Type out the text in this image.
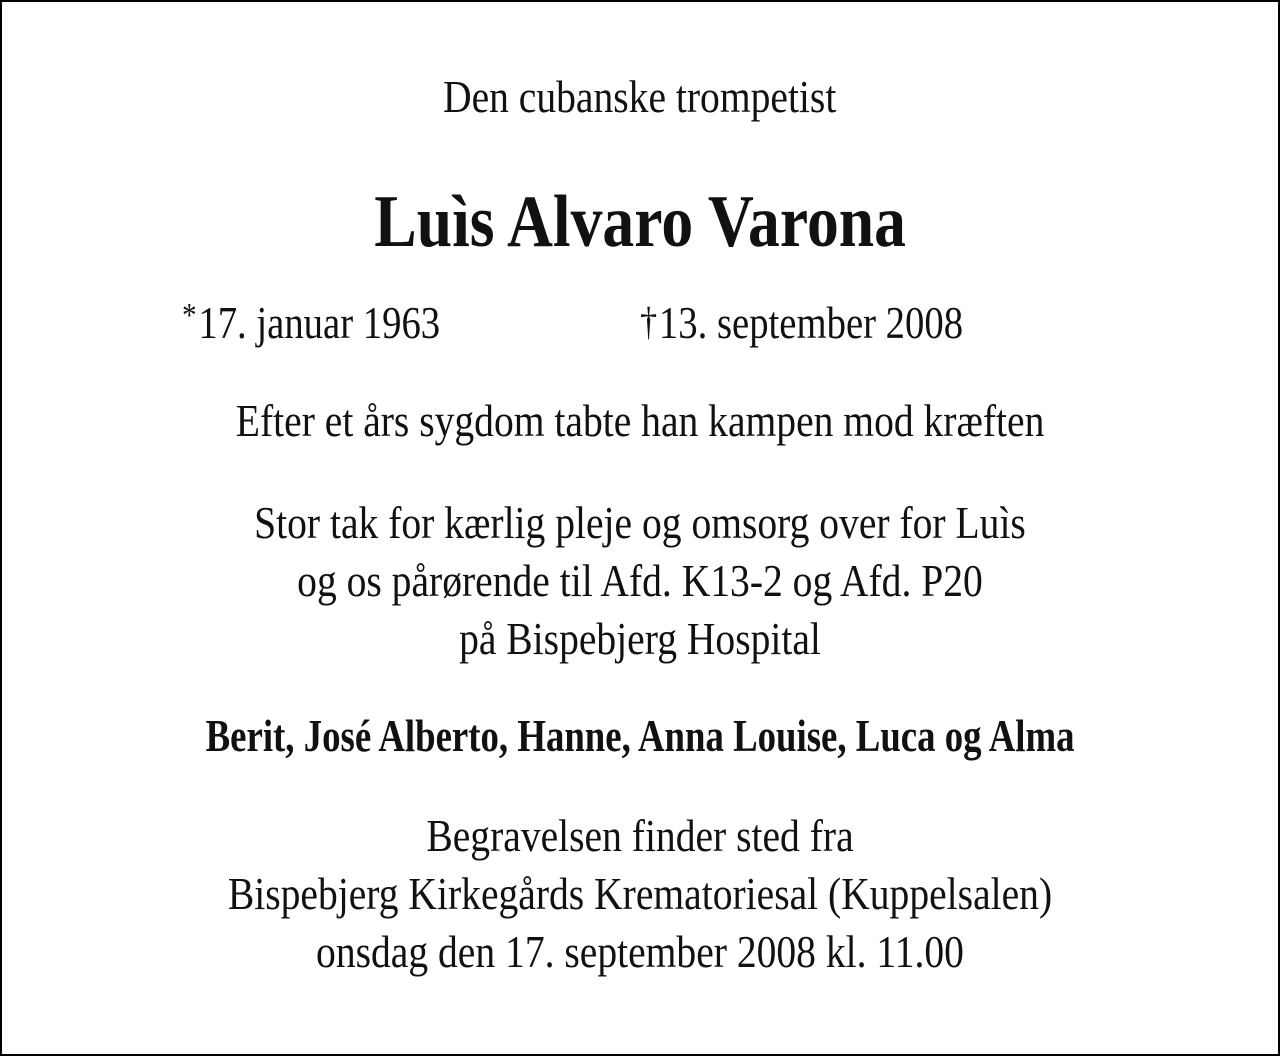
Den cubanske trompetist
Luìs Alvaro Varona
*17. januar 1963	†13. september 2008
Efter et års sygdom tabte han kampen mod kræften
Stor tak for kærlig pleje og omsorg over for Luìs
og os pårørende til Afd. K13-2 og Afd. P20
på Bispebjerg Hospital
Berit, José Alberto, Hanne, Anna Louise, Luca og Alma
Begravelsen finder sted fra
Bispebjerg Kirkegårds Krematoriesal (Kuppelsalen)
onsdag den 17. september 2008 kl. 11.00
